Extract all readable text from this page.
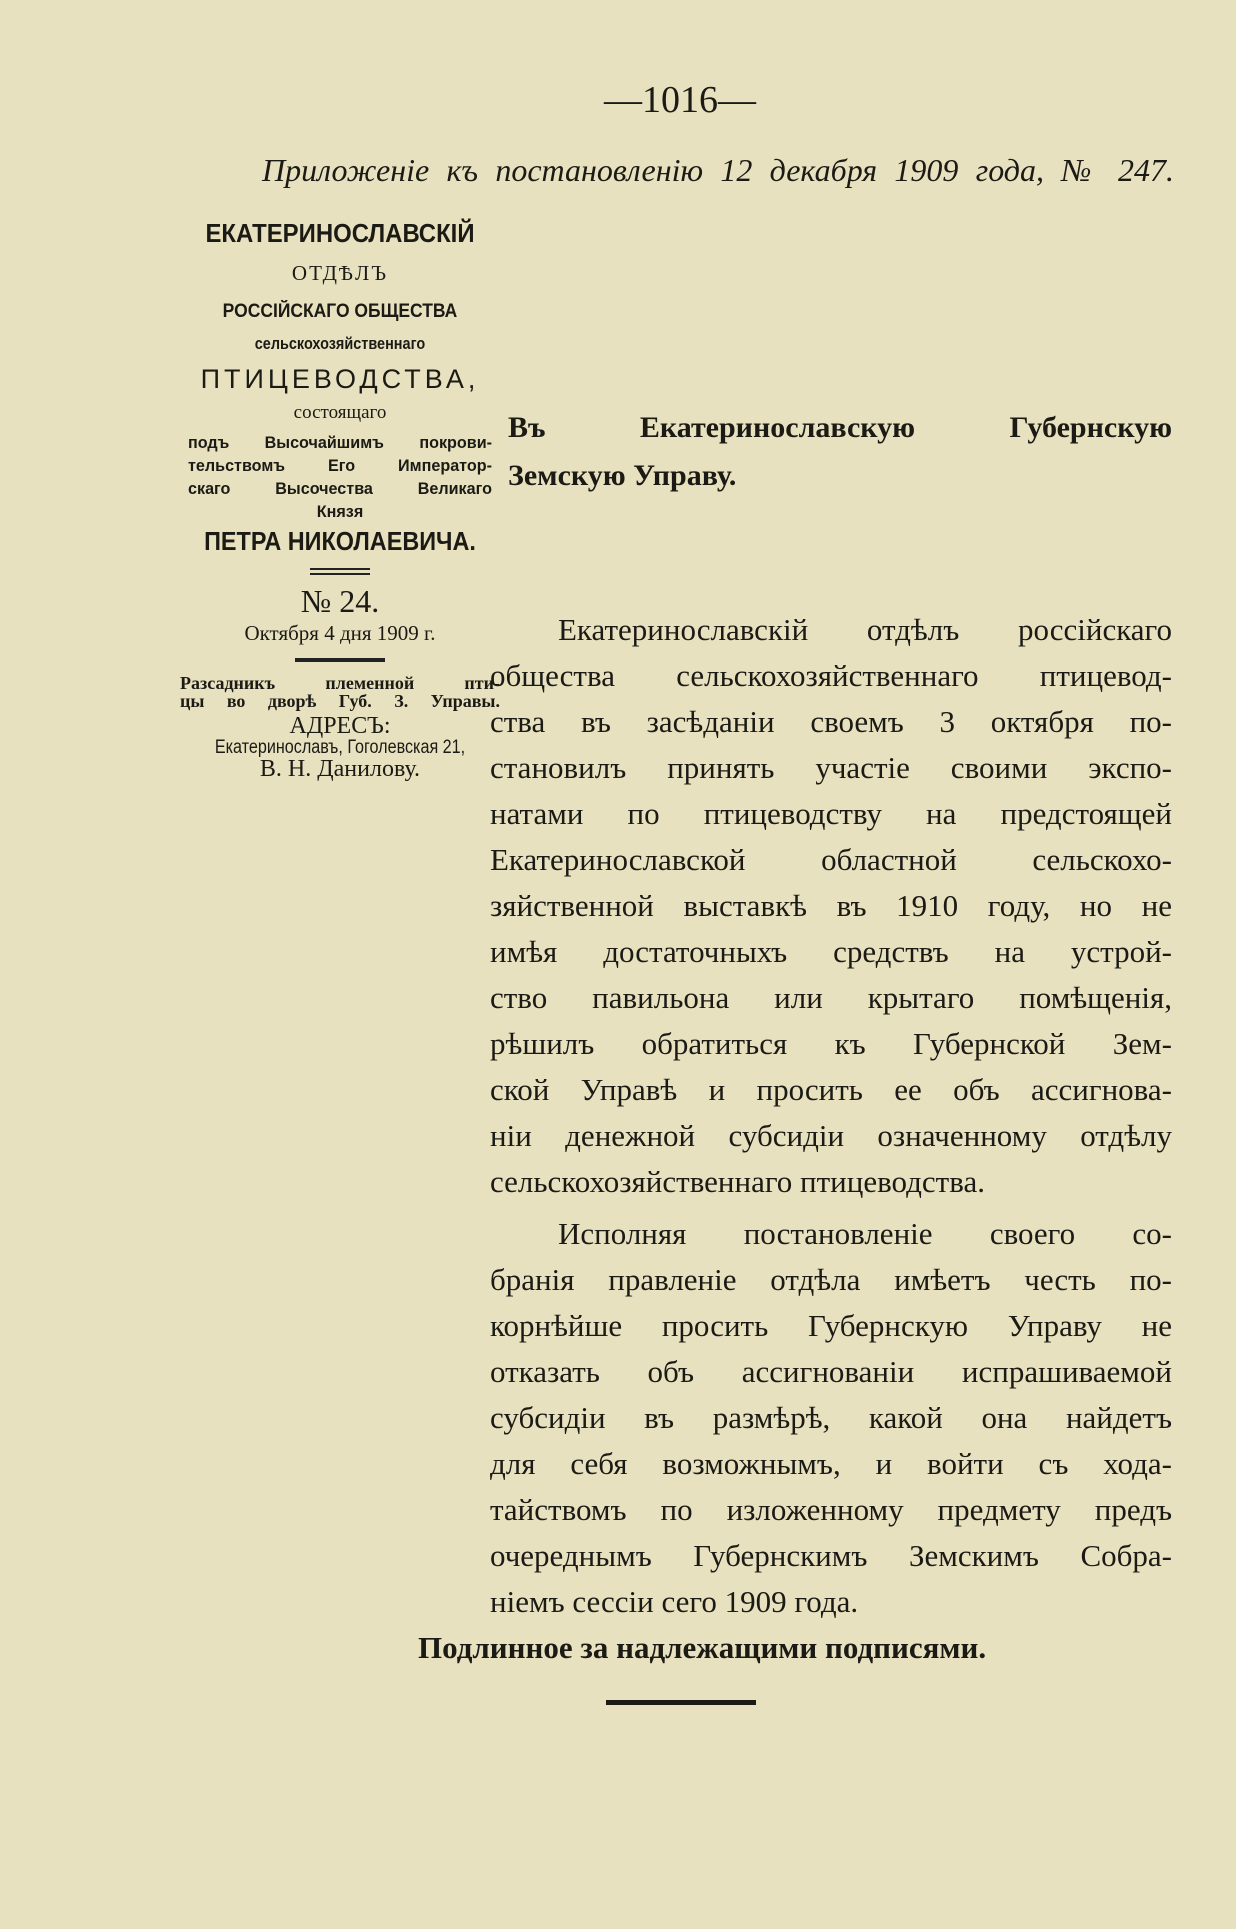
—1016—
Приложенiе къ постановленiю 12 декабря 1909 года, № 247.
ЕКАТЕРИНОСЛАВСКIЙ
ОТДѢЛЪ
РОССIЙСКАГО ОБЩЕСТВА
сельскохозяйственнаго
ПТИЦЕВОДСТВА,
состоящаго
подъ Высочайшимъ покрови-
тельствомъ Его Император-
скаго Высочества Великаго
Князя
ПЕТРА НИКОЛАЕВИЧА.
№ 24.
Октября 4 дня 1909 г.
Разсадникъ племенной пти-
цы во дворѣ Губ. З. Управы.
АДРЕСЪ:
Екатеринославъ, Гоголевская 21,
В. Н. Данилову.
Въ Екатеринославскую Губернскую
Земскую Управу.
Екатеринославскiй отдѣлъ россiйскаго
общества сельскохозяйственнаго птицевод-
ства въ засѣданiи своемъ 3 октября по-
становилъ принять участiе своими экспо-
натами по птицеводству на предстоящей
Екатеринославской областной сельскохо-
зяйственной выставкѣ въ 1910 году, но не
имѣя достаточныхъ средствъ на устрой-
ство павильона или крытаго помѣщенiя,
рѣшилъ обратиться къ Губернской Зем-
ской Управѣ и просить ее объ ассигнова-
нiи денежной субсидiи означенному отдѣлу
сельскохозяйственнаго птицеводства.
Исполняя постановленiе своего со-
бранiя правленiе отдѣла имѣетъ честь по-
корнѣйше просить Губернскую Управу не
отказать объ ассигнованiи испрашиваемой
субсидiи въ размѣрѣ, какой она найдетъ
для себя возможнымъ, и войти съ хода-
тайствомъ по изложенному предмету предъ
очереднымъ Губернскимъ Земскимъ Собра-
нiемъ сессiи сего 1909 года.
Подлинное за надлежащими подписями.
